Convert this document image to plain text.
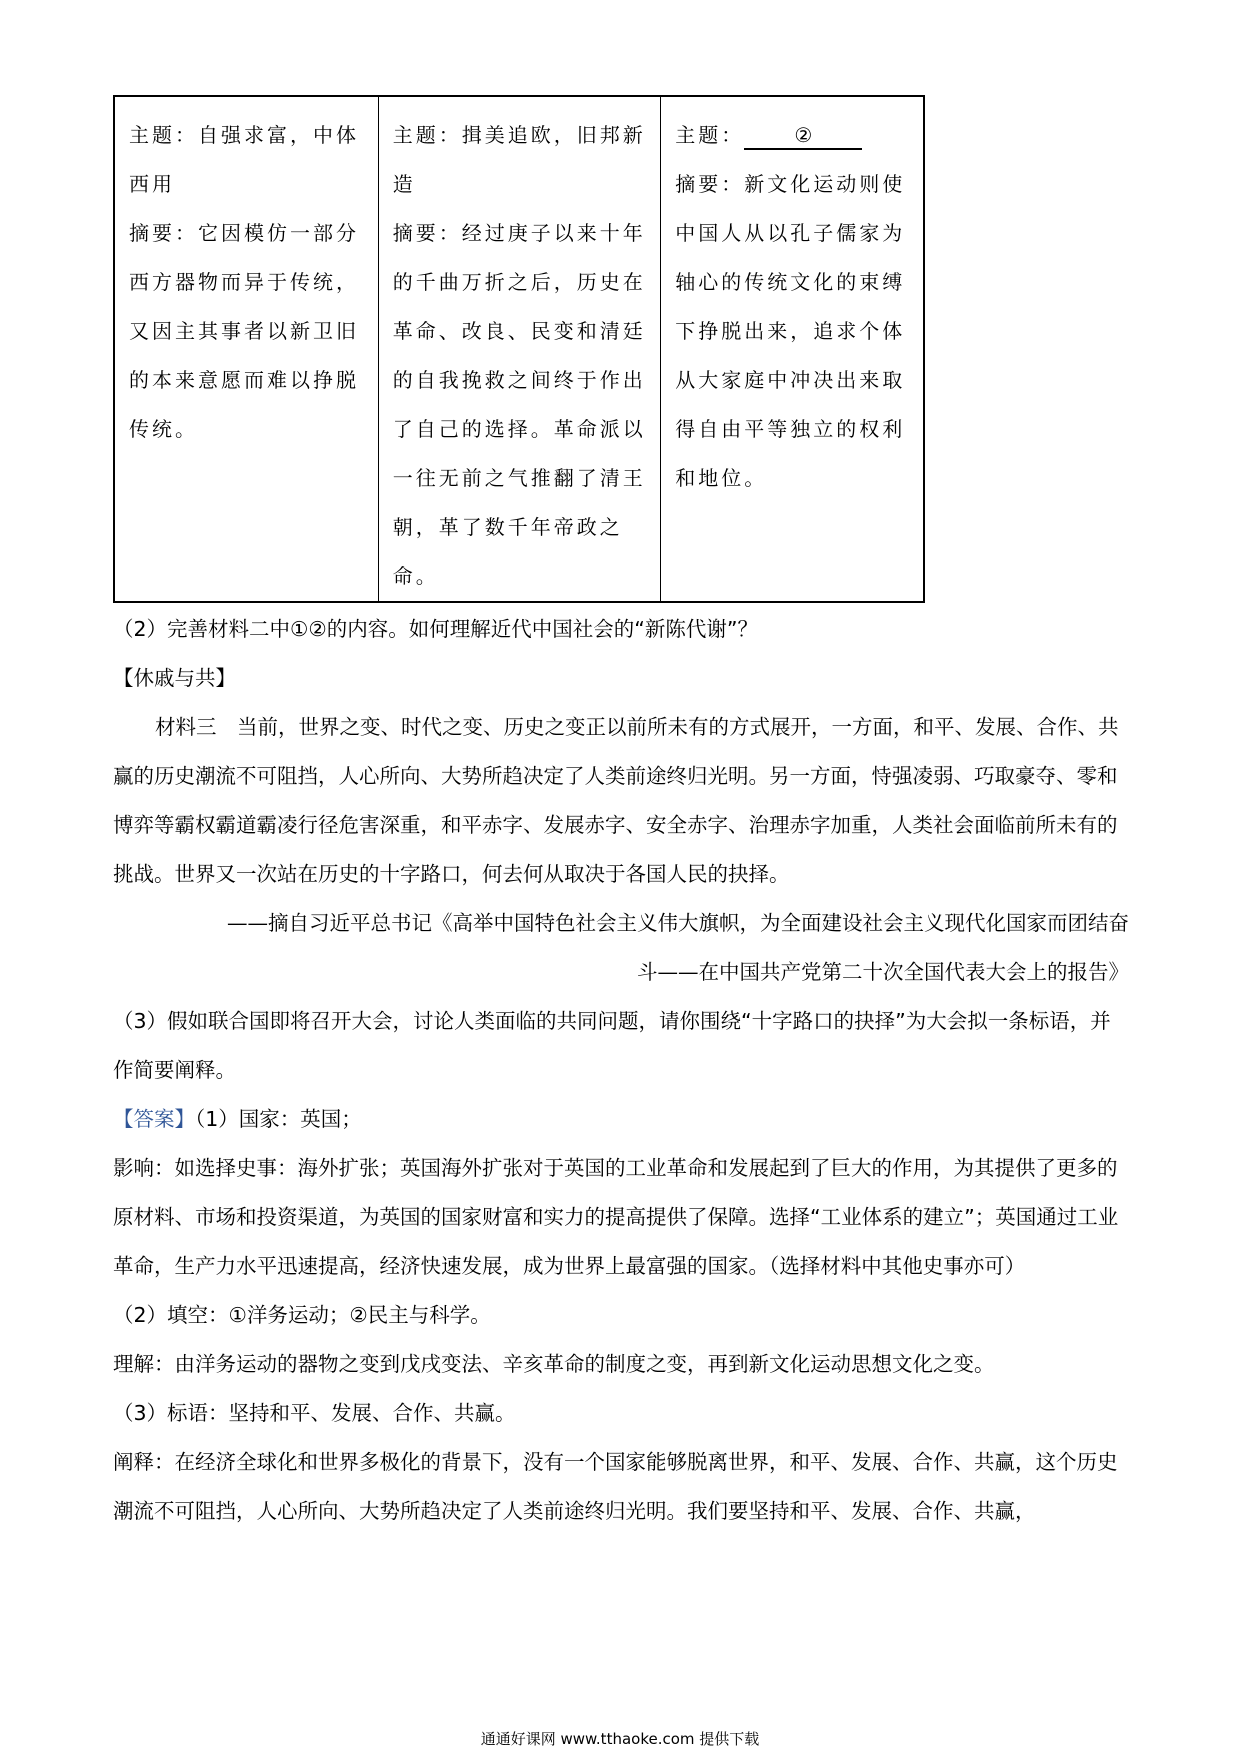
主题：自强求富，中体西用
摘要：它因模仿一部分西方器物而异于传统，又因主其事者以新卫旧的本来意愿而难以挣脱传统。
主题：揖美追欧，旧邦新造
摘要：经过庚子以来十年的千曲万折之后，历史在革命、改良、民变和清廷的自我挽救之间终于作出了自己的选择。革命派以一往无前之气推翻了清王朝，革了数千年帝政之命。
主题：	②
摘要：新文化运动则使中国人从以孔子儒家为轴心的传统文化的束缚下挣脱出来，追求个体从大家庭中冲决出来取得自由平等独立的权利和地位。
（2）完善材料二中①②的内容。如何理解近代中国社会的“新陈代谢”？
【休戚与共】
材料三　当前，世界之变、时代之变、历史之变正以前所未有的方式展开，一方面，和平、发展、合作、共赢的历史潮流不可阻挡，人心所向、大势所趋决定了人类前途终归光明。另一方面，恃强凌弱、巧取豪夺、零和博弈等霸权霸道霸凌行径危害深重，和平赤字、发展赤字、安全赤字、治理赤字加重，人类社会面临前所未有的挑战。世界又一次站在历史的十字路口，何去何从取决于各国人民的抉择。
——摘自习近平总书记《高举中国特色社会主义伟大旗帜，为全面建设社会主义现代化国家而团结奋
斗——在中国共产党第二十次全国代表大会上的报告》
（3）假如联合国即将召开大会，讨论人类面临的共同问题，请你围绕“十字路口的抉择”为大会拟一条标语，并作简要阐释。
【答案】（1）国家：英国；
影响：如选择史事：海外扩张；英国海外扩张对于英国的工业革命和发展起到了巨大的作用，为其提供了更多的原材料、市场和投资渠道，为英国的国家财富和实力的提高提供了保障。选择“工业体系的建立”；英国通过工业革命，生产力水平迅速提高，经济快速发展，成为世界上最富强的国家。（选择材料中其他史事亦可）
（2）填空：①洋务运动；②民主与科学。
理解：由洋务运动的器物之变到戊戌变法、辛亥革命的制度之变，再到新文化运动思想文化之变。
（3）标语：坚持和平、发展、合作、共赢。
阐释：在经济全球化和世界多极化的背景下，没有一个国家能够脱离世界，和平、发展、合作、共赢，这个历史潮流不可阻挡，人心所向、大势所趋决定了人类前途终归光明。我们要坚持和平、发展、合作、共赢，
通通好课网 www.tthaoke.com 提供下载
